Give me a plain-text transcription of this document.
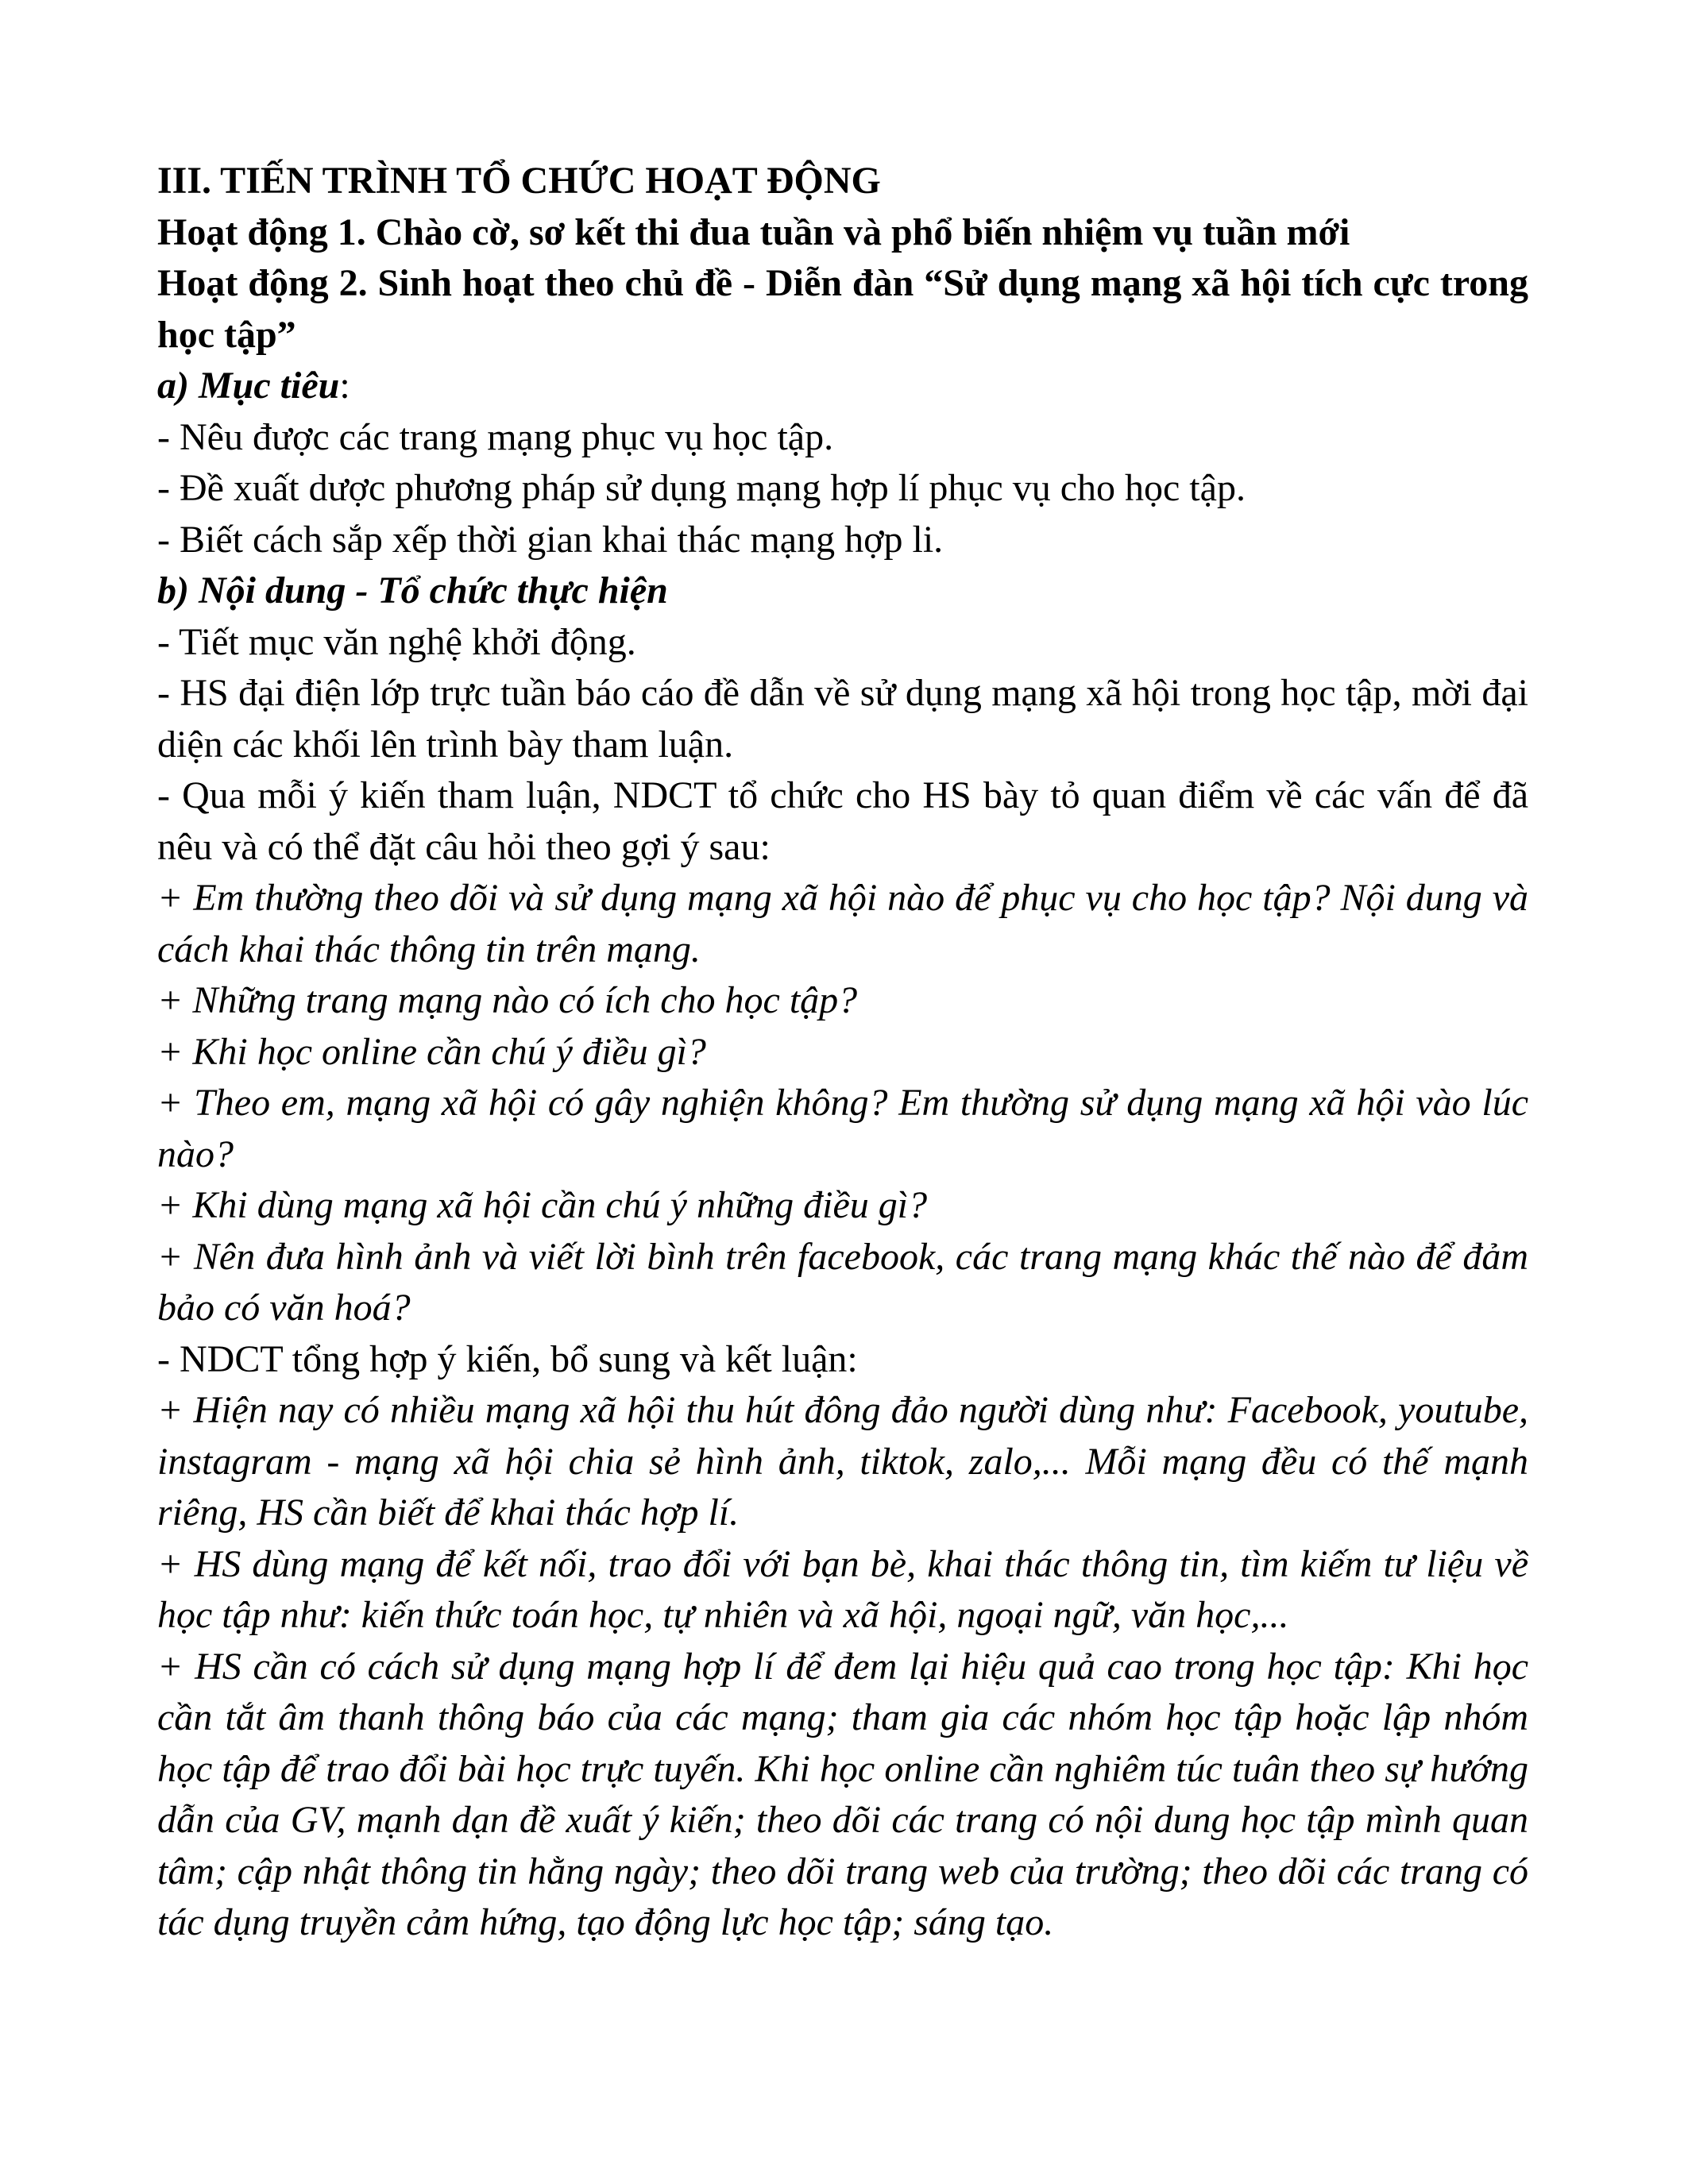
III. TIẾN TRÌNH TỔ CHỨC HOẠT ĐỘNG

Hoạt động 1. Chào cờ, sơ kết thi đua tuần và phổ biến nhiệm vụ tuần mới

Hoạt động 2. Sinh hoạt theo chủ đề - Diễn đàn “Sử dụng mạng xã hội tích cực trong học tập”

a) Mục tiêu:

- Nêu được các trang mạng phục vụ học tập.

- Đề xuất dược phương pháp sử dụng mạng hợp lí phục vụ cho học tập.

- Biết cách sắp xếp thời gian khai thác mạng hợp li.

b) Nội dung - Tổ chức thực hiện

- Tiết mục văn nghệ khởi động.

- HS đại điện lớp trực tuần báo cáo đề dẫn về sử dụng mạng xã hội trong học tập, mời đại diện các khối lên trình bày tham luận.

- Qua mỗi ý kiến tham luận, NDCT tổ chức cho HS bày tỏ quan điểm về các vấn để đã nêu và có thể đặt câu hỏi theo gợi ý sau:

+ Em thường theo dõi và sử dụng mạng xã hội nào để phục vụ cho học tập? Nội dung và cách khai thác thông tin trên mạng.

+ Những trang mạng nào có ích cho học tập?

+ Khi học online cần chú ý điều gì?

+ Theo em, mạng xã hội có gây nghiện không? Em thường sử dụng mạng xã hội vào lúc nào?

+ Khi dùng mạng xã hội cần chú ý những điều gì?

+ Nên đưa hình ảnh và viết lời bình trên facebook, các trang mạng khác thế nào để đảm bảo có văn hoá?

- NDCT tổng hợp ý kiến, bổ sung và kết luận:

+ Hiện nay có nhiều mạng xã hội thu hút đông đảo người dùng như: Facebook, youtube, instagram - mạng xã hội chia sẻ hình ảnh, tiktok, zalo,... Mỗi mạng đều có thế mạnh riêng, HS cần biết để khai thác hợp lí.

+ HS dùng mạng để kết nối, trao đổi với bạn bè, khai thác thông tin, tìm kiếm tư liệu về học tập như: kiến thức toán học, tự nhiên và xã hội, ngoại ngữ, văn học,...

+ HS cần có cách sử dụng mạng hợp lí để đem lại hiệu quả cao trong học tập: Khi học cần tắt âm thanh thông báo của các mạng; tham gia các nhóm học tập hoặc lập nhóm học tập để trao đổi bài học trực tuyến. Khi học online cần nghiêm túc tuân theo sự hướng dẫn của GV, mạnh dạn đề xuất ý kiến; theo dõi các trang có nội dung học tập mình quan tâm; cập nhật thông tin hằng ngày; theo dõi trang web của trường; theo dõi các trang có tác dụng truyền cảm hứng, tạo động lực học tập; sáng tạo.
